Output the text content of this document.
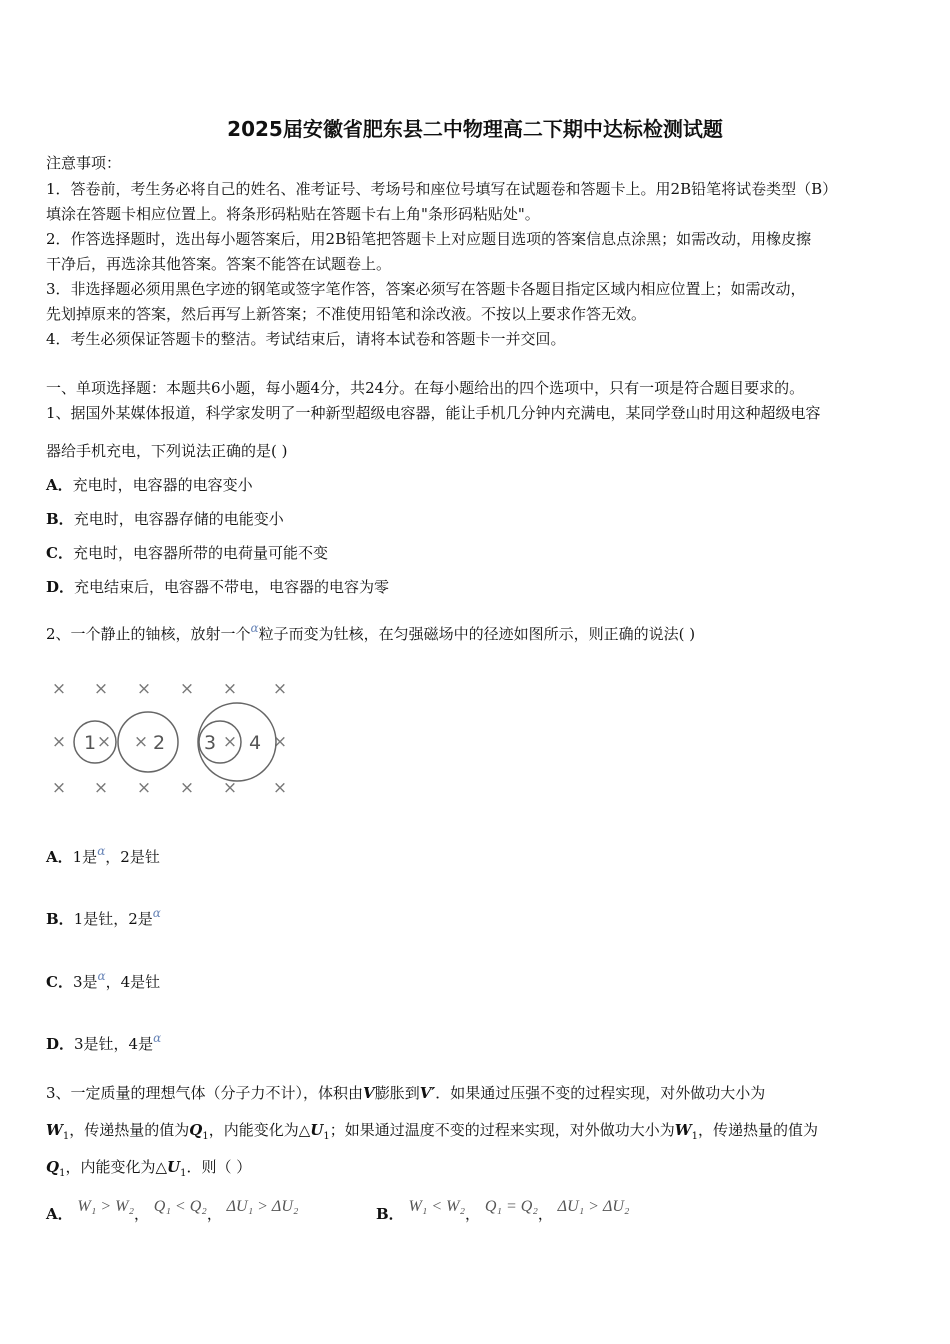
2025届安徽省肥东县二中物理高二下期中达标检测试题
注意事项：
1．答卷前，考生务必将自己的姓名、准考证号、考场号和座位号填写在试题卷和答题卡上。用2B铅笔将试卷类型（B）
填涂在答题卡相应位置上。将条形码粘贴在答题卡右上角"条形码粘贴处"。
2．作答选择题时，选出每小题答案后，用2B铅笔把答题卡上对应题目选项的答案信息点涂黑；如需改动，用橡皮擦
干净后，再选涂其他答案。答案不能答在试题卷上。
3．非选择题必须用黑色字迹的钢笔或签字笔作答，答案必须写在答题卡各题目指定区域内相应位置上；如需改动，
先划掉原来的答案，然后再写上新答案；不准使用铅笔和涂改液。不按以上要求作答无效。
4．考生必须保证答题卡的整洁。考试结束后，请将本试卷和答题卡一并交回。
一、单项选择题：本题共6小题，每小题4分，共24分。在每小题给出的四个选项中，只有一项是符合题目要求的。
1、据国外某媒体报道，科学家发明了一种新型超级电容器，能让手机几分钟内充满电，某同学登山时用这种超级电容
器给手机充电，下列说法正确的是( )
A．充电时，电容器的电容变小
B．充电时，电容器存储的电能变小
C．充电时，电容器所带的电荷量可能不变
D．充电结束后，电容器不带电，电容器的电容为零
2、一个静止的铀核，放射一个$^\alpha$粒子而变为钍核，在匀强磁场中的径迹如图所示，则正确的说法( )
×
×
×
×
×
×
×
×
×
×
×
×
× × ×	× ×
1	2 3 4
A．1是$^\alpha$，2是钍
B．1是钍，2是$^\alpha$
C．3是$^\alpha$，4是钍
D．3是钍，4是$^\alpha$
3、一定质量的理想气体（分子力不计），体积由V膨胀到V′．如果通过压强不变的过程实现，对外做功大小为
$W_1$，传递热量的值为$Q_1$，内能变化为$\triangle U_1$；如果通过温度不变的过程来实现，对外做功大小为$W_1$，传递热量的值为
$Q_1$，内能变化为$\triangle U_1$．则（ ）
A． W₁ > W₂， Q₁ < Q₂， ΔU₁ > ΔU₂	B． W₁ < W₂， Q₁ = Q₂， ΔU₁ > ΔU₂
